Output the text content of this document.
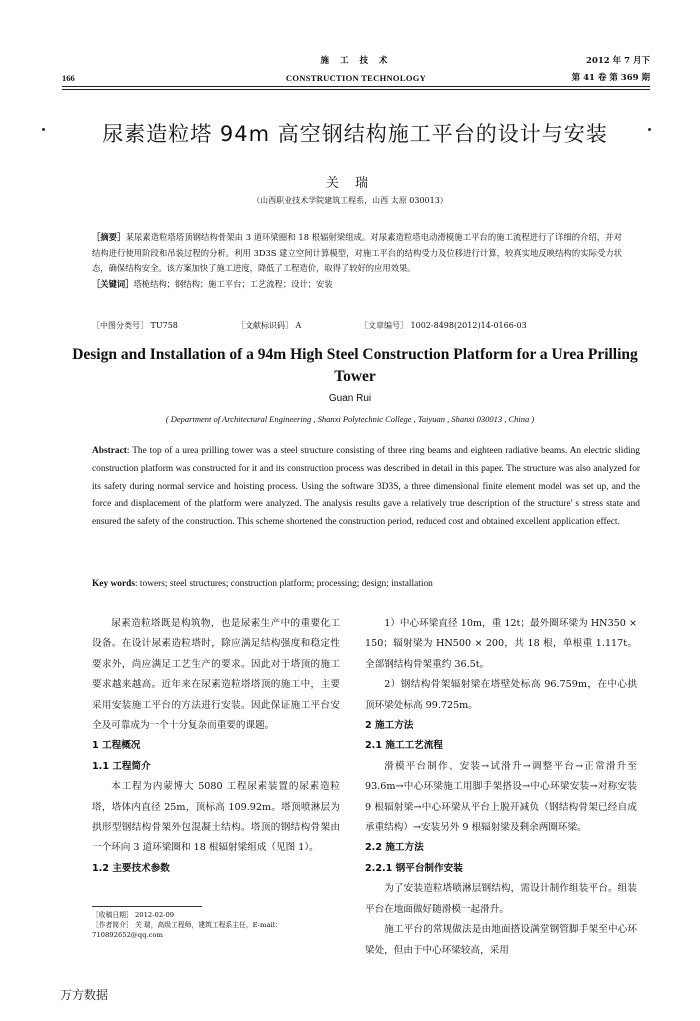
166
施 工 技 术
CONSTRUCTION TECHNOLOGY
2012 年 7 月下
第 41 卷 第 369 期
尿素造粒塔 94m 高空钢结构施工平台的设计与安装
关 瑞
（山西职业技术学院建筑工程系，山西 太原 030013）
［摘要］某尿素造粒塔塔顶钢结构骨架由 3 道环梁圈和 18 根辐射梁组成。对尿素造粒塔电动滑模施工平台的施工流程进行了详细的介绍，并对结构进行使用阶段和吊装过程的分析。利用 3D3S 建立空间计算模型，对施工平台的结构受力及位移进行计算，较真实地反映结构的实际受力状态，确保结构安全。该方案加快了施工进度，降低了工程造价，取得了较好的应用效果。
［关键词］塔桅结构；钢结构；施工平台；工艺流程；设计；安装
［中图分类号］ TU758	［文献标识码］ A	［文章编号］ 1002-8498(2012)14-0166-03
Design and Installation of a 94m High Steel Construction Platform for a Urea Prilling Tower
Guan Rui
( Department of Architectural Engineering , Shanxi Polytechnic College , Taiyuan , Shanxi 030013 , China )
Abstract: The top of a urea prilling tower was a steel structure consisting of three ring beams and eighteen radiative beams. An electric sliding construction platform was constructed for it and its construction process was described in detail in this paper. The structure was also analyzed for its safety during normal service and hoisting process. Using the software 3D3S, a three dimensional finite element model was set up, and the force and displacement of the platform were analyzed. The analysis results gave a relatively true description of the structure' s stress state and ensured the safety of the construction. This scheme shortened the construction period, reduced cost and obtained excellent application effect.
Key words: towers; steel structures; construction platform; processing; design; installation

尿素造粒塔既是构筑物，也是尿素生产中的重要化工设备。在设计尿素造粒塔时，除应满足结构强度和稳定性要求外，尚应满足工艺生产的要求。因此对于塔顶的施工要求越来越高。近年来在尿素造粒塔塔顶的施工中，主要采用安装施工平台的方法进行安装。因此保证施工平台安全及可靠成为一个十分复杂而重要的课题。

1 工程概况
1.1 工程简介

本工程为内蒙博大 5080 工程尿素装置的尿素造粒塔，塔体内直径 25m，顶标高 109.92m。塔顶喷淋层为拱形型钢结构骨架外包混凝土结构。塔顶的钢结构骨架由一个环向 3 道环梁圈和 18 根辐射梁组成（见图 1）。

1.2 主要技术参数
［收稿日期］ 2012-02-09
［作者简介］ 关 瑞，高级工程师，建筑工程系主任，E-mail：710892652@qq.com

1）中心环梁直径 10m，重 12t；最外圈环梁为 HN350 × 150；辐射梁为 HN500 × 200，共 18 根，单根重 1.117t。全部钢结构骨架重约 36.5t。

2）钢结构骨架辐射梁在塔壁处标高 96.759m，在中心拱顶环梁处标高 99.725m。

2 施工方法
2.1 施工工艺流程

滑模平台制作、安装→试滑升→调整平台→正常滑升至 93.6m→中心环梁施工用脚手架搭设→中心环梁安装→对称安装 9 根辐射梁→中心环梁从平台上脱开减负（钢结构骨架已经自成承重结构）→安装另外 9 根辐射梁及剩余两圈环梁。

2.2 施工方法
2.2.1 钢平台制作安装

为了安装造粒塔喷淋层钢结构，需设计制作组装平台。组装平台在地面做好随滑模一起滑升。

施工平台的常规做法是由地面搭设满堂钢管脚手架至中心环梁处，但由于中心环梁较高，采用

万方数据
